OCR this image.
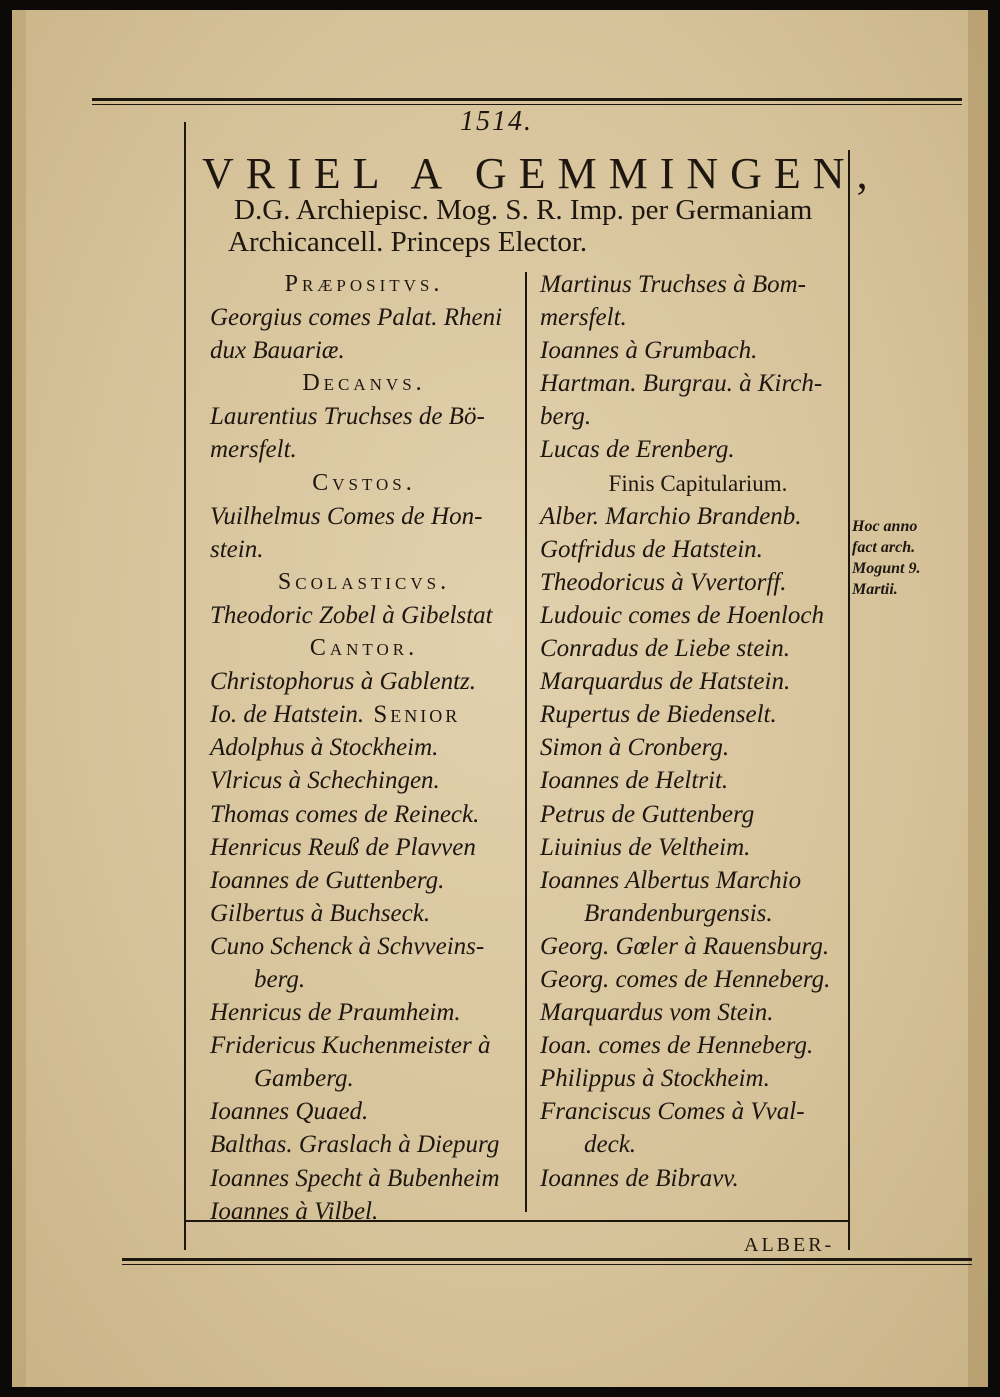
1514.
VRIEL A GEMMINGEN,
D.G. Archiepisc. Mog. S. R. Imp. per Germaniam
Archicancell. Princeps Elector.
Præpositvs.
Georgius comes Palat. Rheni
dux Bauariæ.
Decanvs.
Laurentius Truchses de Bö-
mersfelt.
Cvstos.
Vuilhelmus Comes de Hon-
stein.
Scolasticvs.
Theodoric Zobel à Gibelstat
Cantor.
Christophorus à Gablentz.
Io. de Hatstein. Senior
Adolphus à Stockheim.
Vlricus à Schechingen.
Thomas comes de Reineck.
Henricus Reuß de Plavven
Ioannes de Guttenberg.
Gilbertus à Buchseck.
Cuno Schenck à Schvveins-
berg.
Henricus de Praumheim.
Fridericus Kuchenmeister à
Gamberg.
Ioannes Quaed.
Balthas. Graslach à Diepurg
Ioannes Specht à Bubenheim
Ioannes à Vilbel.
Martinus Truchses à Bom-
mersfelt.
Ioannes à Grumbach.
Hartman. Burgrau. à Kirch-
berg.
Lucas de Erenberg.
Finis Capitularium.
Alber. Marchio Brandenb.
Gotfridus de Hatstein.
Theodoricus à Vvertorff.
Ludouic comes de Hoenloch
Conradus de Liebe stein.
Marquardus de Hatstein.
Rupertus de Biedenselt.
Simon à Cronberg.
Ioannes de Heltrit.
Petrus de Guttenberg
Liuinius de Veltheim.
Ioannes Albertus Marchio
Brandenburgensis.
Georg. Gœler à Rauensburg.
Georg. comes de Henneberg.
Marquardus vom Stein.
Ioan. comes de Henneberg.
Philippus à Stockheim.
Franciscus Comes à Vval-
deck.
Ioannes de Bibravv.
Hoc anno
fact arch.
Mogunt 9.
Martii.
ALBER-
